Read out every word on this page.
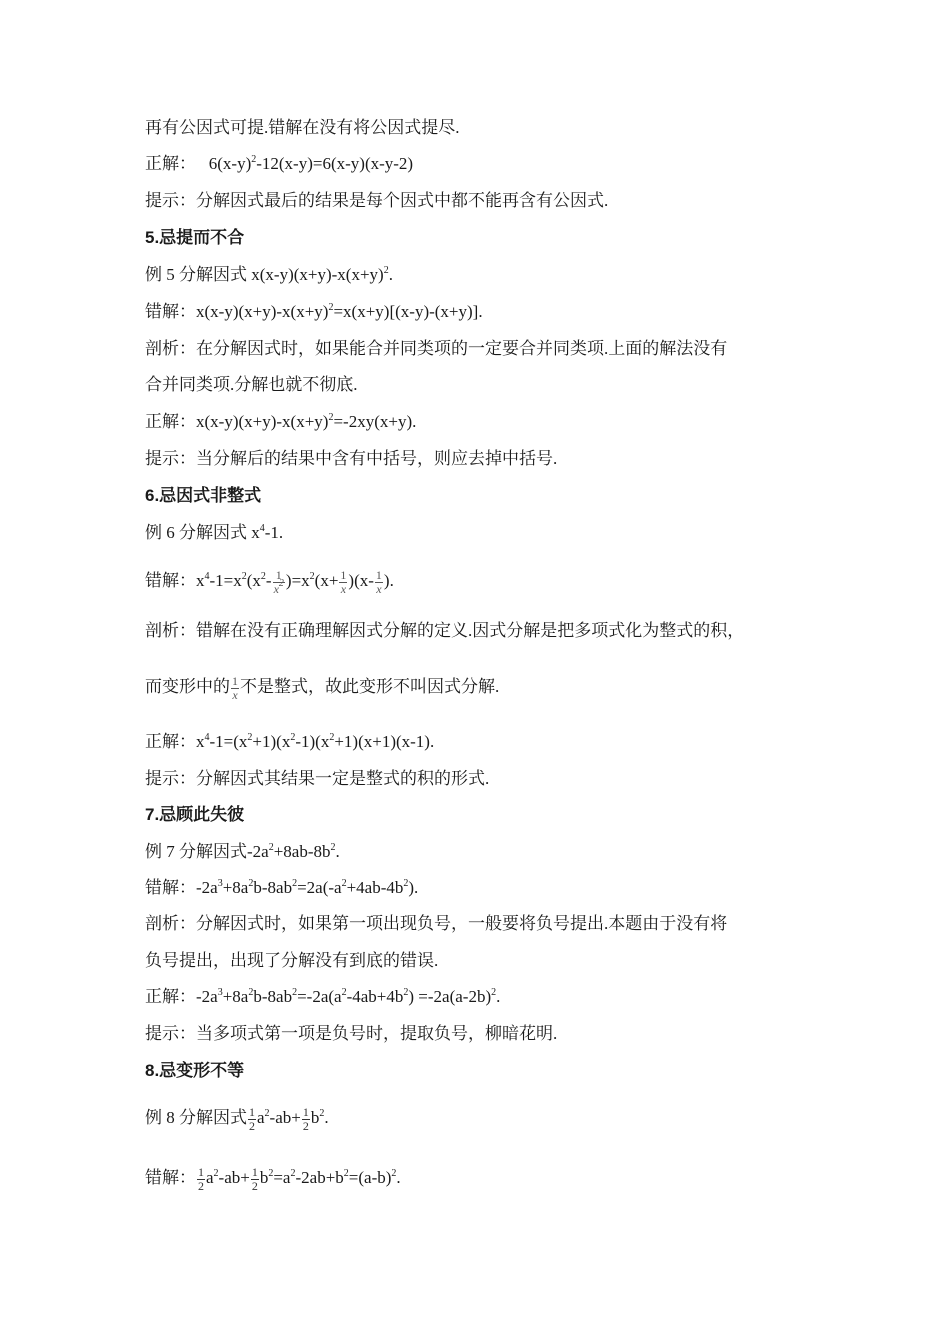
再有公因式可提.错解在没有将公因式提尽.
正解： $6(x-y)^2-12(x-y)=6(x-y)(x-y-2)$
提示：分解因式最后的结果是每个因式中都不能再含有公因式.
5.忌提而不合
例 5 分解因式 $x(x-y)(x+y)-x(x+y)^2$.
错解：$x(x-y)(x+y)-x(x+y)^2=x(x+y)[(x-y)-(x+y)]$.
剖析：在分解因式时，如果能合并同类项的一定要合并同类项.上面的解法没有
合并同类项.分解也就不彻底.
正解：$x(x-y)(x+y)-x(x+y)^2=-2xy(x+y)$.
提示：当分解后的结果中含有中括号，则应去掉中括号.
6.忌因式非整式
例 6 分解因式 $x^4-1$.
错解：$x^4-1=x^2(x^2- \frac{1}{x^2} )=x^2(x+ \frac{1}{x} )(x- \frac{1}{x}$ ).
剖析：错解在没有正确理解因式分解的定义.因式分解是把多项式化为整式的积，
而变形中的 $\frac{1}{x}$ 不是整式，故此变形不叫因式分解.
正解：$x^4-1=(x^2+1)(x^2-1)(x^2+1)(x+1)(x-1)$.
提示：分解因式其结果一定是整式的积的形式.
7.忌顾此失彼
例 7 分解因式$-2a^2+8ab-8b^2$.
错解：$-2a^3+8a^2b-8ab^2=2a(-a^2+4ab-4b^2)$.
剖析：分解因式时，如果第一项出现负号，一般要将负号提出.本题由于没有将
负号提出，出现了分解没有到底的错误.
正解：$-2a^3+8a^2b-8ab^2=-2a(a^2-4ab+4b^2) =-2a(a-2b)^2$.
提示：当多项式第一项是负号时，提取负号，柳暗花明.
8.忌变形不等
例 8 分解因式 $\frac{1}{2} a^2-ab+ \frac{1}{2} b^2$.
错解： $\frac{1}{2} a^2-ab+ \frac{1}{2} b^2=a^2-2ab+b^2=(a-b)^2$.
